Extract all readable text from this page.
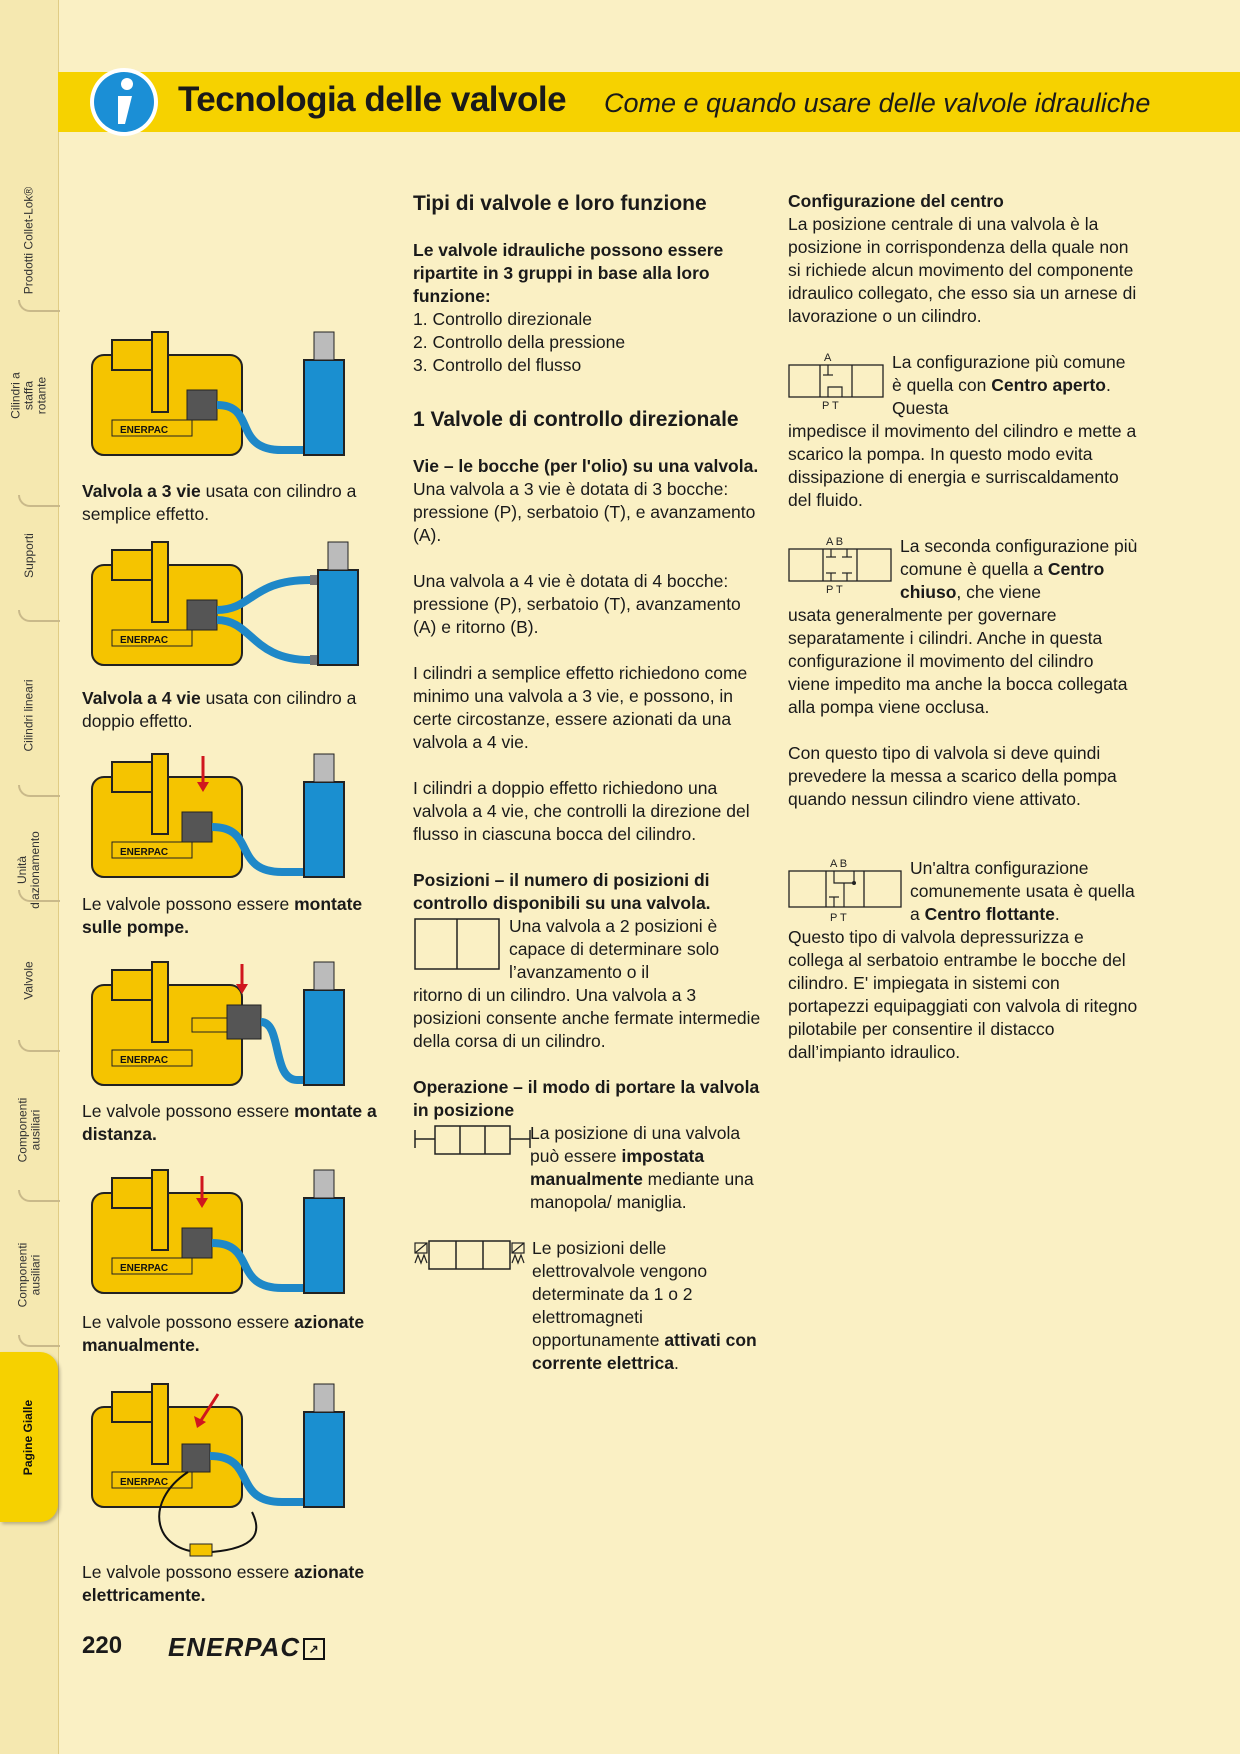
Prodotti Collet-Lok®
Cilindri a staffa rotante
Supporti
Cilindri lineari
Unità d'azionamento
Valvole
Componenti ausiliari
Componenti ausiliari
Pagine Gialle
Tecnologia delle valvole Come e quando usare delle valvole idrauliche
ENERPAC
Valvola a 3 vie usata con cilindro a semplice effetto.
ENERPAC
Valvola a 4 vie usata con cilindro a doppio effetto.
ENERPAC
Le valvole possono essere montate sulle pompe.
ENERPAC
Le valvole possono essere montate a distanza.
ENERPAC
Le valvole possono essere azionate manualmente.
ENERPAC
Le valvole possono essere azionate elettricamente.

Tipi di valvole e loro funzione

Le valvole idrauliche possono essere ripartite in 3 gruppi in base alla loro funzione:

1. Controllo direzionale

2. Controllo della pressione

3. Controllo del flusso

1 Valvole di controllo direzionale

Vie – le bocche (per l'olio) su una valvola.

Una valvola a 3 vie è dotata di 3 bocche: pressione (P), serbatoio (T), e avanzamento (A).

Una valvola a 4 vie è dotata di 4 bocche: pressione (P), serbatoio (T), avanzamento (A) e ritorno (B).

I cilindri a semplice effetto richiedono come minimo una valvola a 3 vie, e possono, in certe circostanze, essere azionati da una valvola a 4 vie.

I cilindri a doppio effetto richiedono una valvola a 4 vie, che controlli la direzione del flusso in ciascuna bocca del cilindro.

Posizioni – il numero di posizioni di controllo disponibili su una valvola.

Una valvola a 2 posizioni è capace di determinare solo l’avanzamento o il

ritorno di un cilindro. Una valvola a 3 posizioni consente anche fermate intermedie della corsa di un cilindro.

Operazione – il modo di portare la valvola in posizione

La posizione di una valvola può essere impostata manualmente mediante una manopola/ maniglia.

Le posizioni delle elettrovalvole vengono determinate da 1 o 2 elettromagneti opportunamente attivati con corrente elettrica.

Configurazione del centro

La posizione centrale di una valvola è la posizione in corrispondenza della quale non si richiede alcun movimento del componente idraulico collegato, che esso sia un arnese di lavorazione o un cilindro.

A
P T

La configurazione più comune è quella con Centro aperto. Questa

impedisce il movimento del cilindro e mette a scarico la pompa. In questo modo evita dissipazione di energia e surriscaldamento del fluido.

A B
P T

La seconda configurazione più comune è quella a Centro chiuso, che viene

usata generalmente per governare separatamente i cilindri. Anche in questa configurazione il movimento del cilindro viene impedito ma anche la bocca collegata alla pompa viene occlusa.

Con questo tipo di valvola si deve quindi prevedere la messa a scarico della pompa quando nessun cilindro viene attivato.

A B
P T

Un'altra configurazione comunemente usata è quella a Centro flottante.

Questo tipo di valvola depressurizza e collega al serbatoio entrambe le bocche del cilindro. E' impiegata in sistemi con portapezzi equipaggiati con valvola di ritegno pilotabile per consentire il distacco dall’impianto idraulico.

220 ENERPAC ↗
